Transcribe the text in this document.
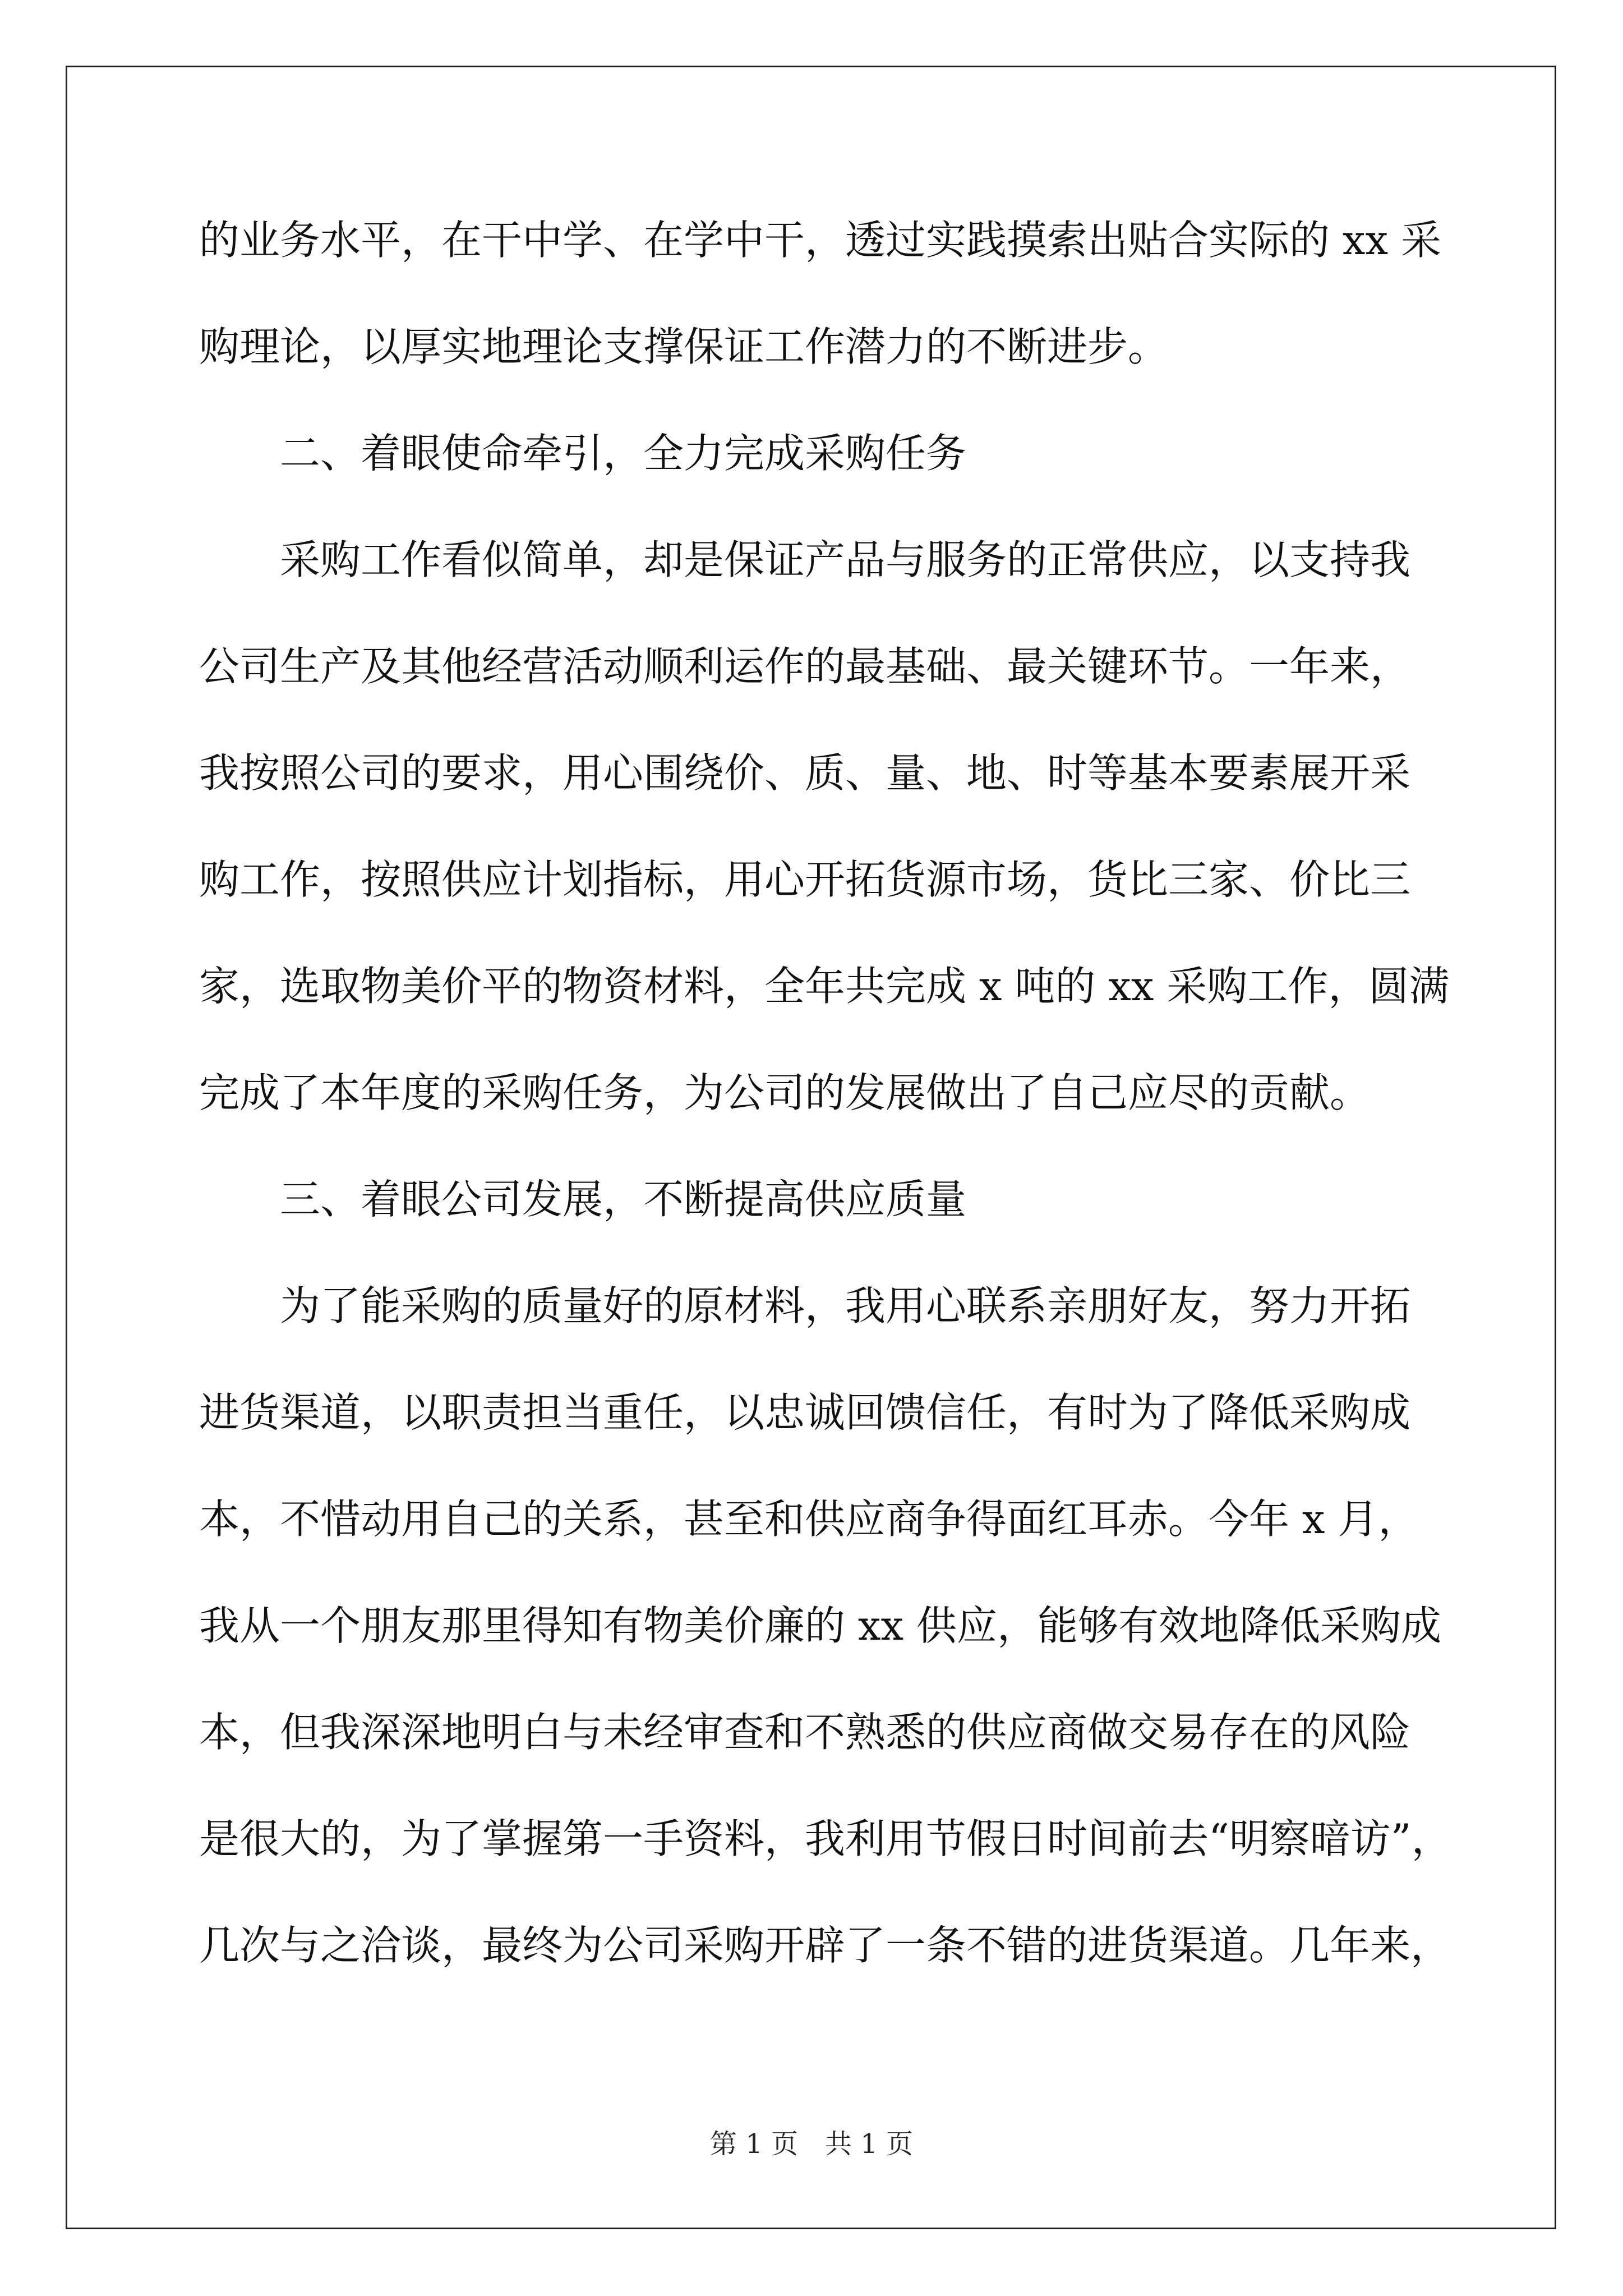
的业务水平，在干中学、在学中干，透过实践摸索出贴合实际的 xx 采
购理论，以厚实地理论支撑保证工作潜力的不断进步。
二、着眼使命牵引，全力完成采购任务
采购工作看似简单，却是保证产品与服务的正常供应，以支持我
公司生产及其他经营活动顺利运作的最基础、最关键环节。一年来，
我按照公司的要求，用心围绕价、质、量、地、时等基本要素展开采
购工作，按照供应计划指标，用心开拓货源市场，货比三家、价比三
家，选取物美价平的物资材料，全年共完成 x 吨的 xx 采购工作，圆满
完成了本年度的采购任务，为公司的发展做出了自己应尽的贡献。
三、着眼公司发展，不断提高供应质量
为了能采购的质量好的原材料，我用心联系亲朋好友，努力开拓
进货渠道，以职责担当重任，以忠诚回馈信任，有时为了降低采购成
本，不惜动用自己的关系，甚至和供应商争得面红耳赤。今年 x 月，
我从一个朋友那里得知有物美价廉的 xx 供应，能够有效地降低采购成
本，但我深深地明白与未经审查和不熟悉的供应商做交易存在的风险
是很大的，为了掌握第一手资料，我利用节假日时间前去“明察暗访”，
几次与之洽谈，最终为公司采购开辟了一条不错的进货渠道。几年来，
第 1 页　共 1 页
